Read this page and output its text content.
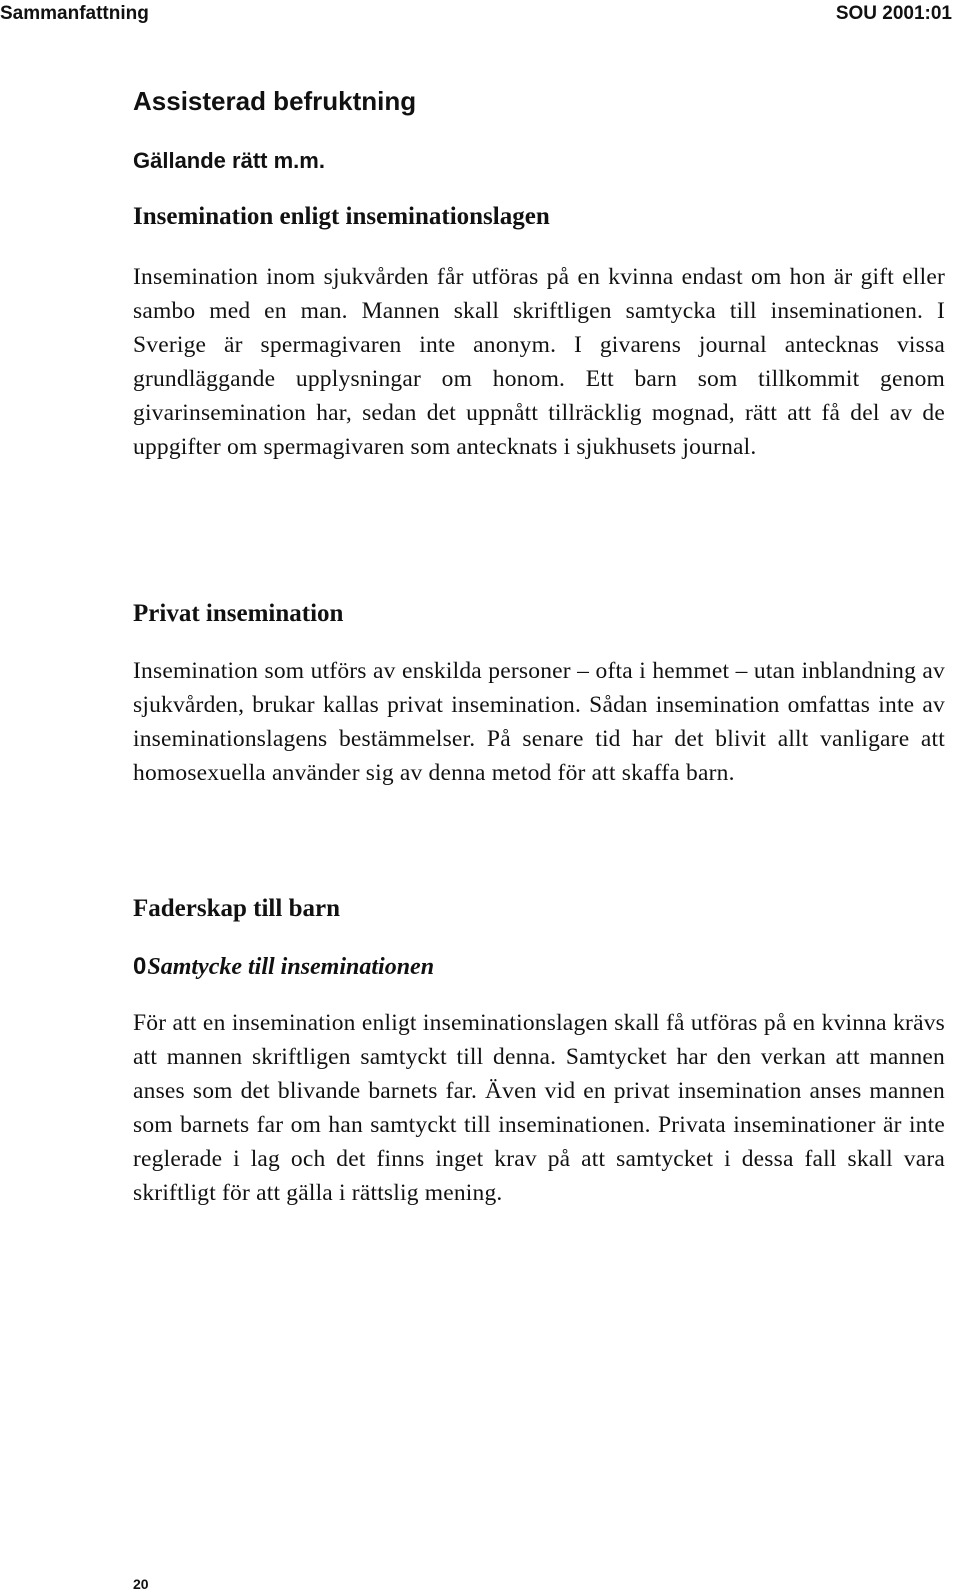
Sammanfattning	SOU 2001:01
Assisterad befruktning
Gällande rätt m.m.
Insemination enligt inseminationslagen

Insemination inom sjukvården får utföras på en kvinna endast om hon är gift eller sambo med en man. Mannen skall skriftligen samtycka till inseminationen. I Sverige är spermagivaren inte anonym. I givarens journal antecknas vissa grundläggande upplysningar om honom. Ett barn som tillkommit genom givarinsemination har, sedan det uppnått tillräcklig mognad, rätt att få del av de uppgifter om spermagivaren som antecknats i sjukhusets journal.

Privat insemination

Insemination som utförs av enskilda personer – ofta i hemmet – utan inblandning av sjukvården, brukar kallas privat insemination. Sådan insemination omfattas inte av inseminationslagens bestämmelser. På senare tid har det blivit allt vanligare att homosexuella använder sig av denna metod för att skaffa barn.

Faderskap till barn
0Samtycke till inseminationen

För att en insemination enligt inseminationslagen skall få utföras på en kvinna krävs att mannen skriftligen samtyckt till denna. Samtycket har den verkan att mannen anses som det blivande barnets far. Även vid en privat insemination anses mannen som barnets far om han samtyckt till inseminationen. Privata inseminationer är inte reglerade i lag och det finns inget krav på att samtycket i dessa fall skall vara skriftligt för att gälla i rättslig mening.

20
